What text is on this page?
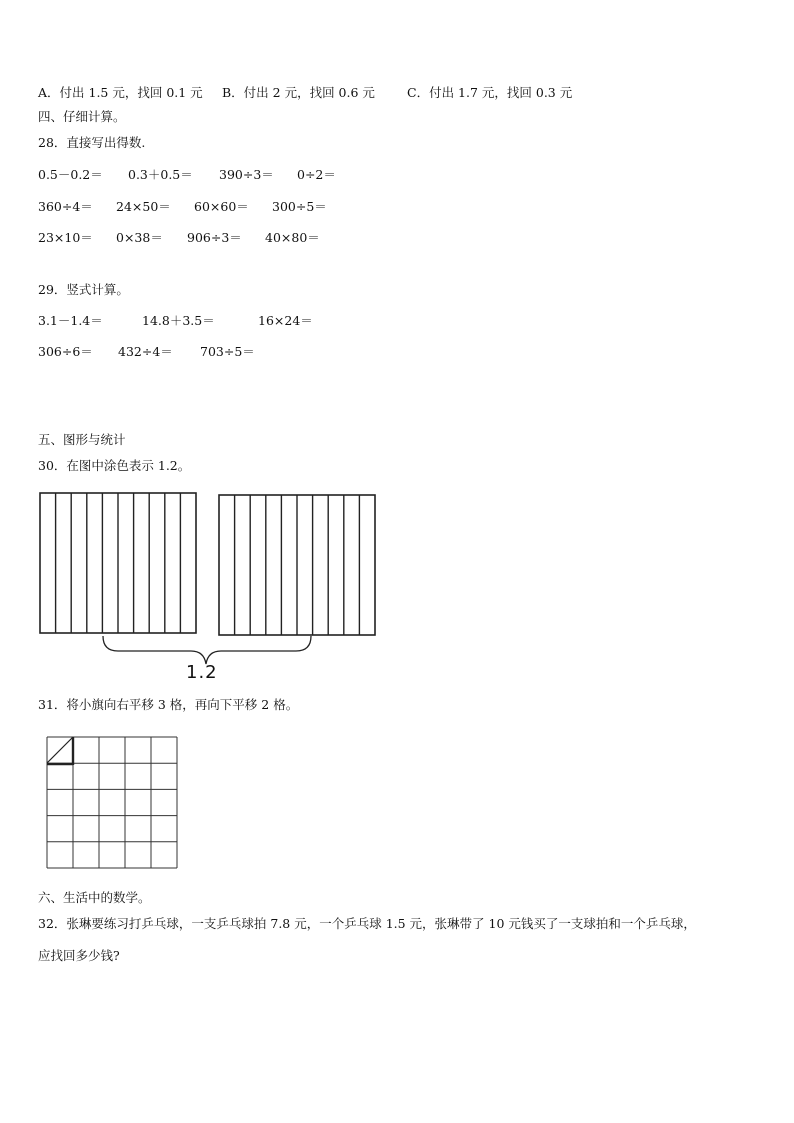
A．付出 1.5 元，找回 0.1 元 B．付出 2 元，找回 0.6 元	C．付出 1.7 元，找回 0.3 元
四、仔细计算。
28．直接写出得数.
0.5－0.2＝ 0.3＋0.5＝ 390÷3＝ 0÷2＝
360÷4＝ 24×50＝ 60×60＝ 300÷5＝
23×10＝ 0×38＝ 906÷3＝ 40×80＝
29．竖式计算。
3.1－1.4＝	14.8＋3.5＝	16×24＝
306÷6＝ 432÷4＝ 703÷5＝
五、图形与统计
30．在图中涂色表示 1.2。
1.2
31．将小旗向右平移 3 格，再向下平移 2 格。
六、生活中的数学。
32．张琳要练习打乒乓球，一支乒乓球拍 7.8 元，一个乒乓球 1.5 元，张琳带了 10 元钱买了一支球拍和一个乒乓球，
应找回多少钱?
